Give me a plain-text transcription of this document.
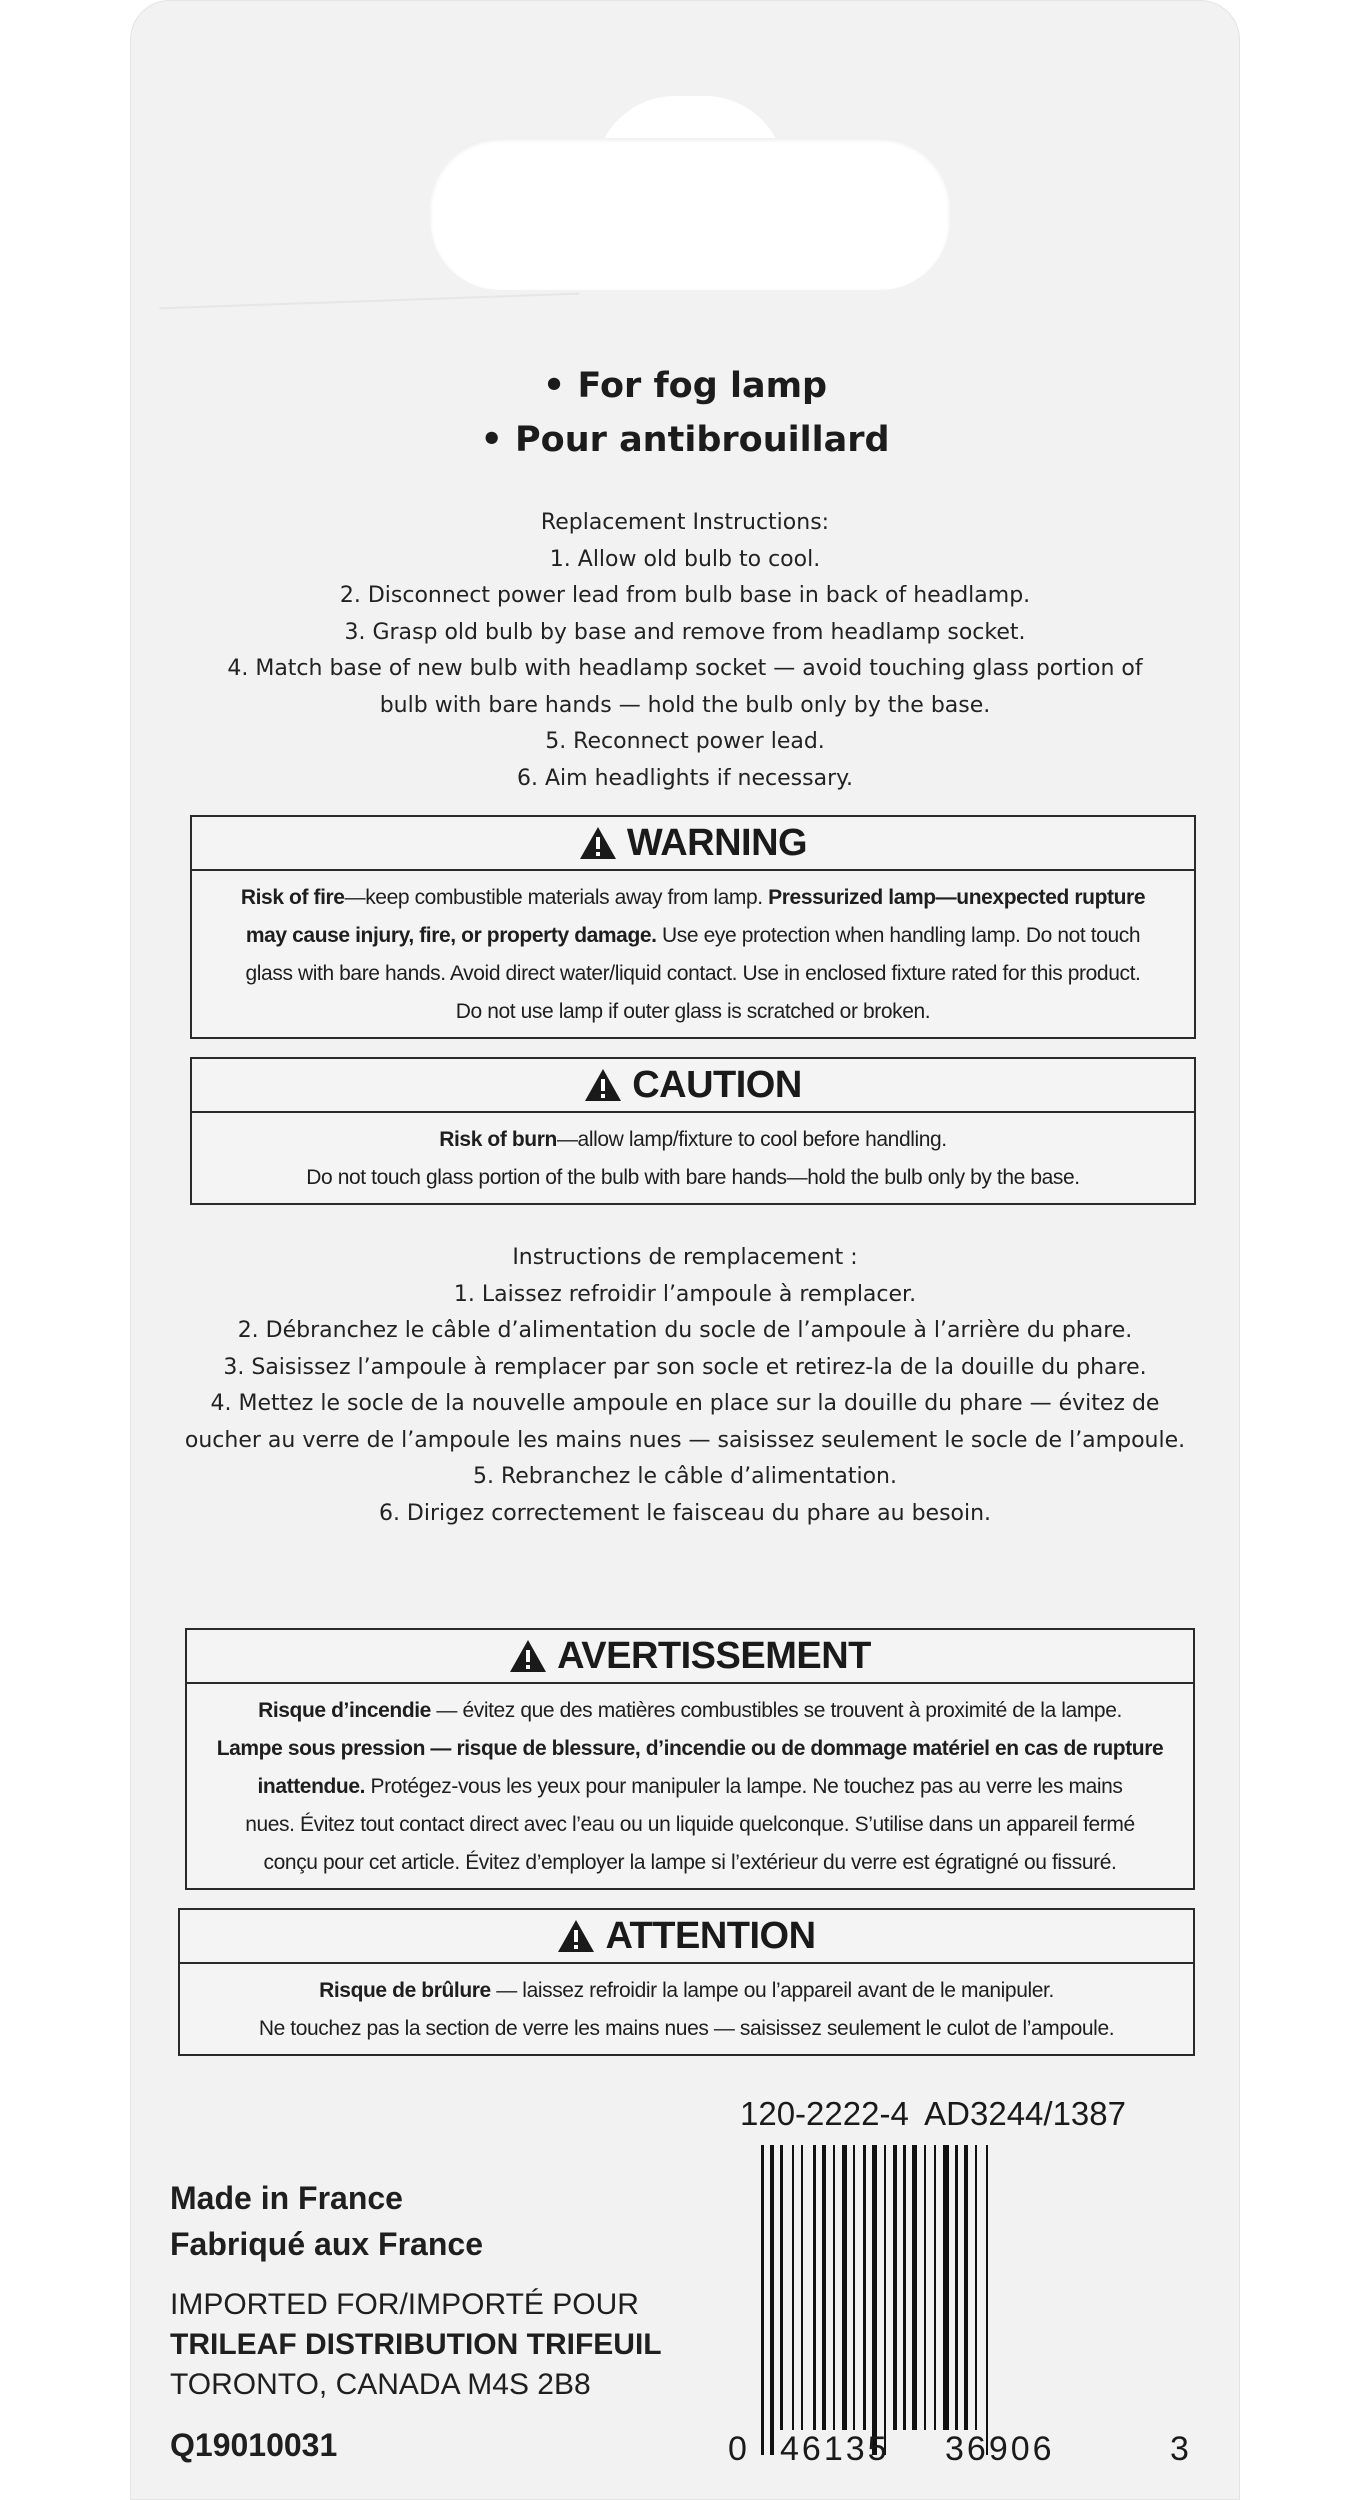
• For fog lamp
• Pour antibrouillard
Replacement Instructions:
1. Allow old bulb to cool.
2. Disconnect power lead from bulb base in back of headlamp.
3. Grasp old bulb by base and remove from headlamp socket.
4. Match base of new bulb with headlamp socket — avoid touching glass portion of
bulb with bare hands — hold the bulb only by the base.
5. Reconnect power lead.
6. Aim headlights if necessary.
WARNING
Risk of fire—keep combustible materials away from lamp. Pressurized lamp—unexpected rupture
may cause injury, fire, or property damage. Use eye protection when handling lamp. Do not touch
glass with bare hands. Avoid direct water/liquid contact. Use in enclosed fixture rated for this product.
Do not use lamp if outer glass is scratched or broken.
CAUTION
Risk of burn—allow lamp/fixture to cool before handling.
Do not touch glass portion of the bulb with bare hands—hold the bulb only by the base.
Instructions de remplacement :
1. Laissez refroidir l’ampoule à remplacer.
2. Débranchez le câble d’alimentation du socle de l’ampoule à l’arrière du phare.
3. Saisissez l’ampoule à remplacer par son socle et retirez-la de la douille du phare.
4. Mettez le socle de la nouvelle ampoule en place sur la douille du phare — évitez de
oucher au verre de l’ampoule les mains nues — saisissez seulement le socle de l’ampoule.
5. Rebranchez le câble d’alimentation.
6. Dirigez correctement le faisceau du phare au besoin.
AVERTISSEMENT
Risque d’incendie — évitez que des matières combustibles se trouvent à proximité de la lampe.
Lampe sous pression — risque de blessure, d’incendie ou de dommage matériel en cas de rupture
inattendue. Protégez-vous les yeux pour manipuler la lampe. Ne touchez pas au verre les mains
nues. Évitez tout contact direct avec l’eau ou un liquide quelconque. S’utilise dans un appareil fermé
conçu pour cet article. Évitez d’employer la lampe si l’extérieur du verre est égratigné ou fissuré.
ATTENTION
Risque de brûlure — laissez refroidir la lampe ou l’appareil avant de le manipuler.
Ne touchez pas la section de verre les mains nues — saisissez seulement le culot de l’ampoule.
120-2222-4 AD3244/1387
Made in France
Fabriqué aux France
IMPORTED FOR/IMPORTÉ POUR
TRILEAF DISTRIBUTION TRIFEUIL
TORONTO, CANADA M4S 2B8
Q19010031	0 46135 36906	3
